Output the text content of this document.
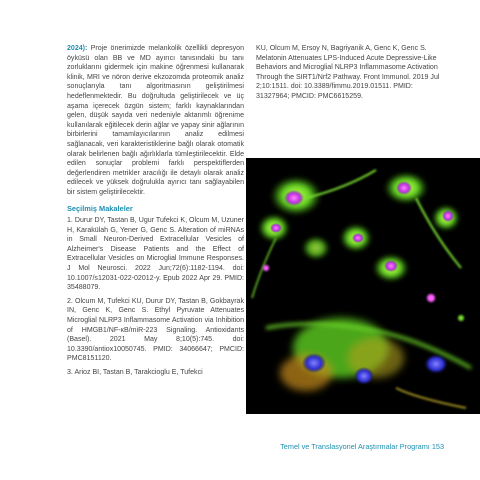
2024): Proje önerimizde melankolik özellikli depresyon öyküsü olan BB ve MD ayırıcı tanısındaki bu tanı zorluklarını gidermek için makine öğrenmesi kullanarak klinik, MRI ve nöron derive ekzozomda proteomik analiz sonuçlarıyla tanı algoritmasının geliştirilmesi hedeflenmektedir. Bu doğrultuda geliştirilecek ve üç aşama içerecek özgün sistem; farklı kaynaklarından gelen, düşük sayıda veri nedeniyle aktarımlı öğrenime kullanılarak eğitilecek derin ağlar ve yapay sinir ağlarının birbirlerini tamamlayıcılarının analiz edilmesi sağlanacak, veri karakteristiklerine bağlı olarak otomatik olarak belirlenen bağlı ağırlıklarla tümleştirilecektir. Elde edilen sonuçlar problemi farklı perspektiflerden değerlendiren metrikler aracılığı ile detaylı olarak analiz edilecek ve yüksek doğrulukla ayırıcı tanı sağlayabilen bir sistem geliştirilecektir.

Seçilmiş Makaleler

1. Durur DY, Tastan B, Ugur Tufekci K, Olcum M, Uzuner H, Karakülah G, Yener G, Genc S. Alteration of miRNAs in Small Neuron-Derived Extracellular Vesicles of Alzheimer's Disease Patients and the Effect of Extracellular Vesicles on Microglial Immune Responses. J Mol Neurosci. 2022 Jun;72(6):1182-1194. doi: 10.1007/s12031-022-02012-y. Epub 2022 Apr 29. PMID: 35488079.

2. Olcum M, Tufekci KU, Durur DY, Tastan B, Gokbayrak IN, Genc K, Genc S. Ethyl Pyruvate Attenuates Microglial NLRP3 Inflammasome Activation via Inhibition of HMGB1/NF-κB/miR-223 Signaling. Antioxidants (Basel). 2021 May 8;10(5):745. doi: 10.3390/antiox10050745. PMID: 34066647; PMCID: PMC8151120.

3. Arioz BI, Tastan B, Tarakcioglu E, Tufekci

KU, Olcum M, Ersoy N, Bagriyanik A, Genc K, Genc S. Melatonin Attenuates LPS-Induced Acute Depressive-Like Behaviors and Microglial NLRP3 Inflammasome Activation Through the SIRT1/Nrf2 Pathway. Front Immunol. 2019 Jul 2;10:1511. doi: 10.3389/fimmu.2019.01511. PMID: 31327964; PMCID: PMC6615259.

Temel ve Translasyonel Araştırmalar Programı 153
